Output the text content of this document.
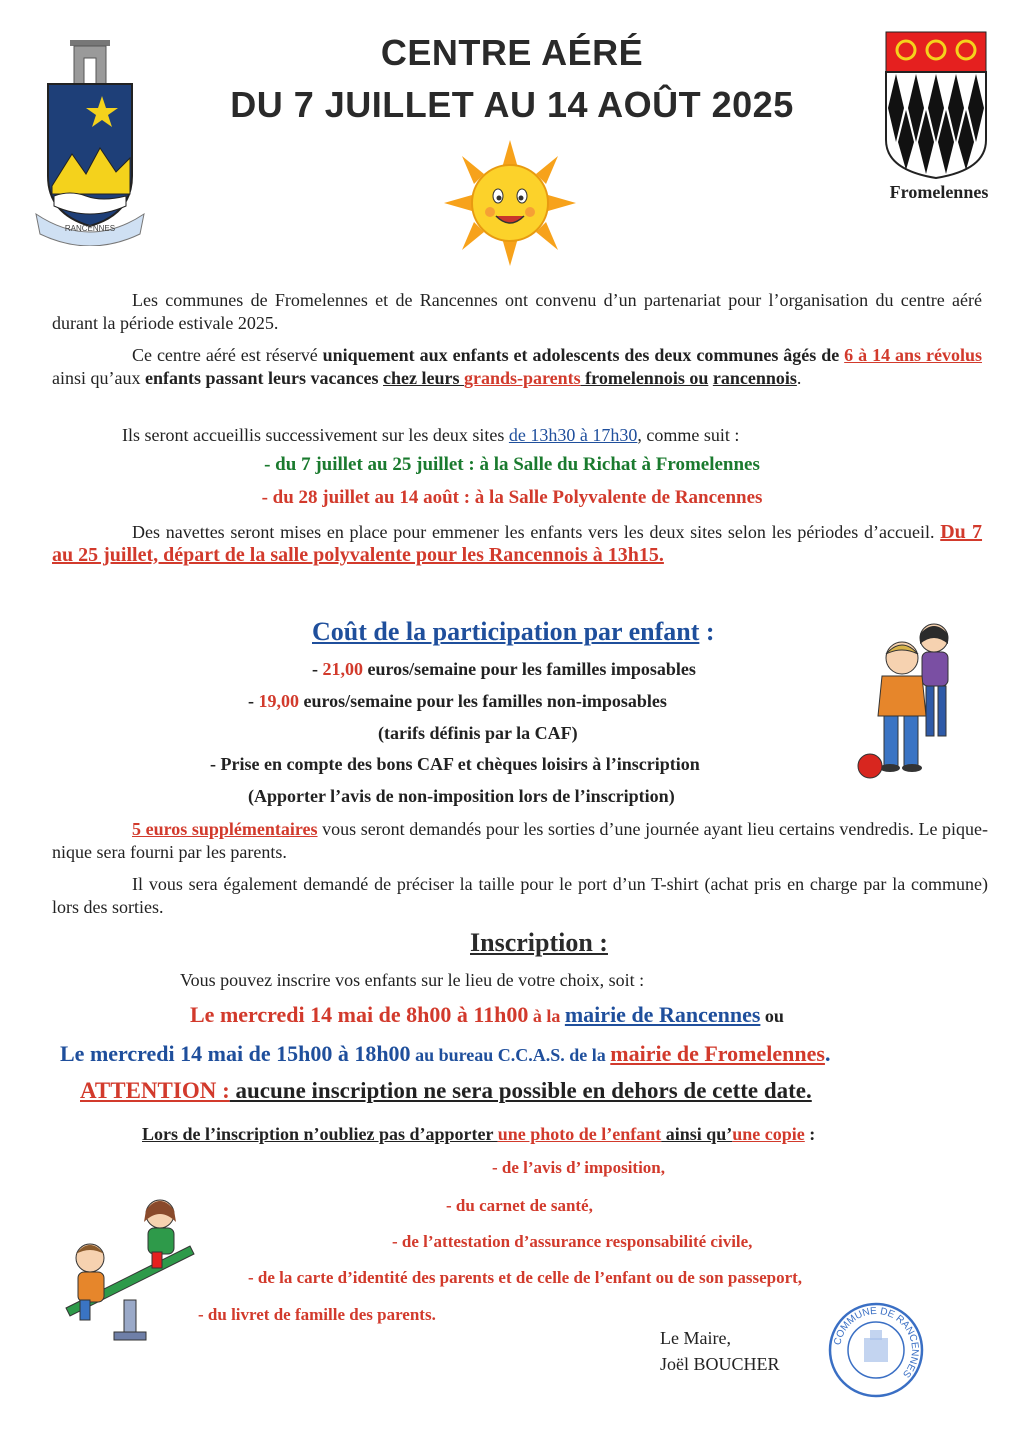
RANCENNES
CENTRE AÉRÉ
DU 7 JUILLET AU 14 AOÛT 2025
Fromelennes
Les communes de Fromelennes et de Rancennes ont convenu d’un partenariat pour l’organisation du centre aéré durant la période estivale 2025.
Ce centre aéré est réservé uniquement aux enfants et adolescents des deux communes âgés de 6 à 14 ans révolus ainsi qu’aux enfants passant leurs vacances chez leurs grands-parents fromelennois ou rancennois.
Ils seront accueillis successivement sur les deux sites de 13h30 à 17h30, comme suit :
- du 7 juillet au 25 juillet : à la Salle du Richat à Fromelennes
- du 28 juillet au 14 août : à la Salle Polyvalente de Rancennes
Des navettes seront mises en place pour emmener les enfants vers les deux sites selon les périodes d’accueil. Du 7 au 25 juillet, départ de la salle polyvalente pour les Rancennois à 13h15.
Coût de la participation par enfant :
- 21,00 euros/semaine pour les familles imposables
- 19,00 euros/semaine pour les familles non-imposables
(tarifs définis par la CAF)
- Prise en compte des bons CAF et chèques loisirs à l’inscription
(Apporter l’avis de non-imposition lors de l’inscription)
5 euros supplémentaires vous seront demandés pour les sorties d’une journée ayant lieu certains vendredis. Le pique-nique sera fourni par les parents.
Il vous sera également demandé de préciser la taille pour le port d’un T-shirt (achat pris en charge par la commune) lors des sorties.
Inscription :
Vous pouvez inscrire vos enfants sur le lieu de votre choix, soit :
Le mercredi 14 mai de 8h00 à 11h00 à la mairie de Rancennes ou
Le mercredi 14 mai de 15h00 à 18h00 au bureau C.C.A.S. de la mairie de Fromelennes.
ATTENTION : aucune inscription ne sera possible en dehors de cette date.
Lors de l’inscription n’oubliez pas d’apporter une photo de l’enfant ainsi qu’une copie :
- de l’avis d’ imposition,
- du carnet de santé,
- de l’attestation d’assurance responsabilité civile,
- de la carte d’identité des parents et de celle de l’enfant ou de son passeport,
- du livret de famille des parents.
Le Maire,
Joël BOUCHER
COMMUNE DE RANCENNES
